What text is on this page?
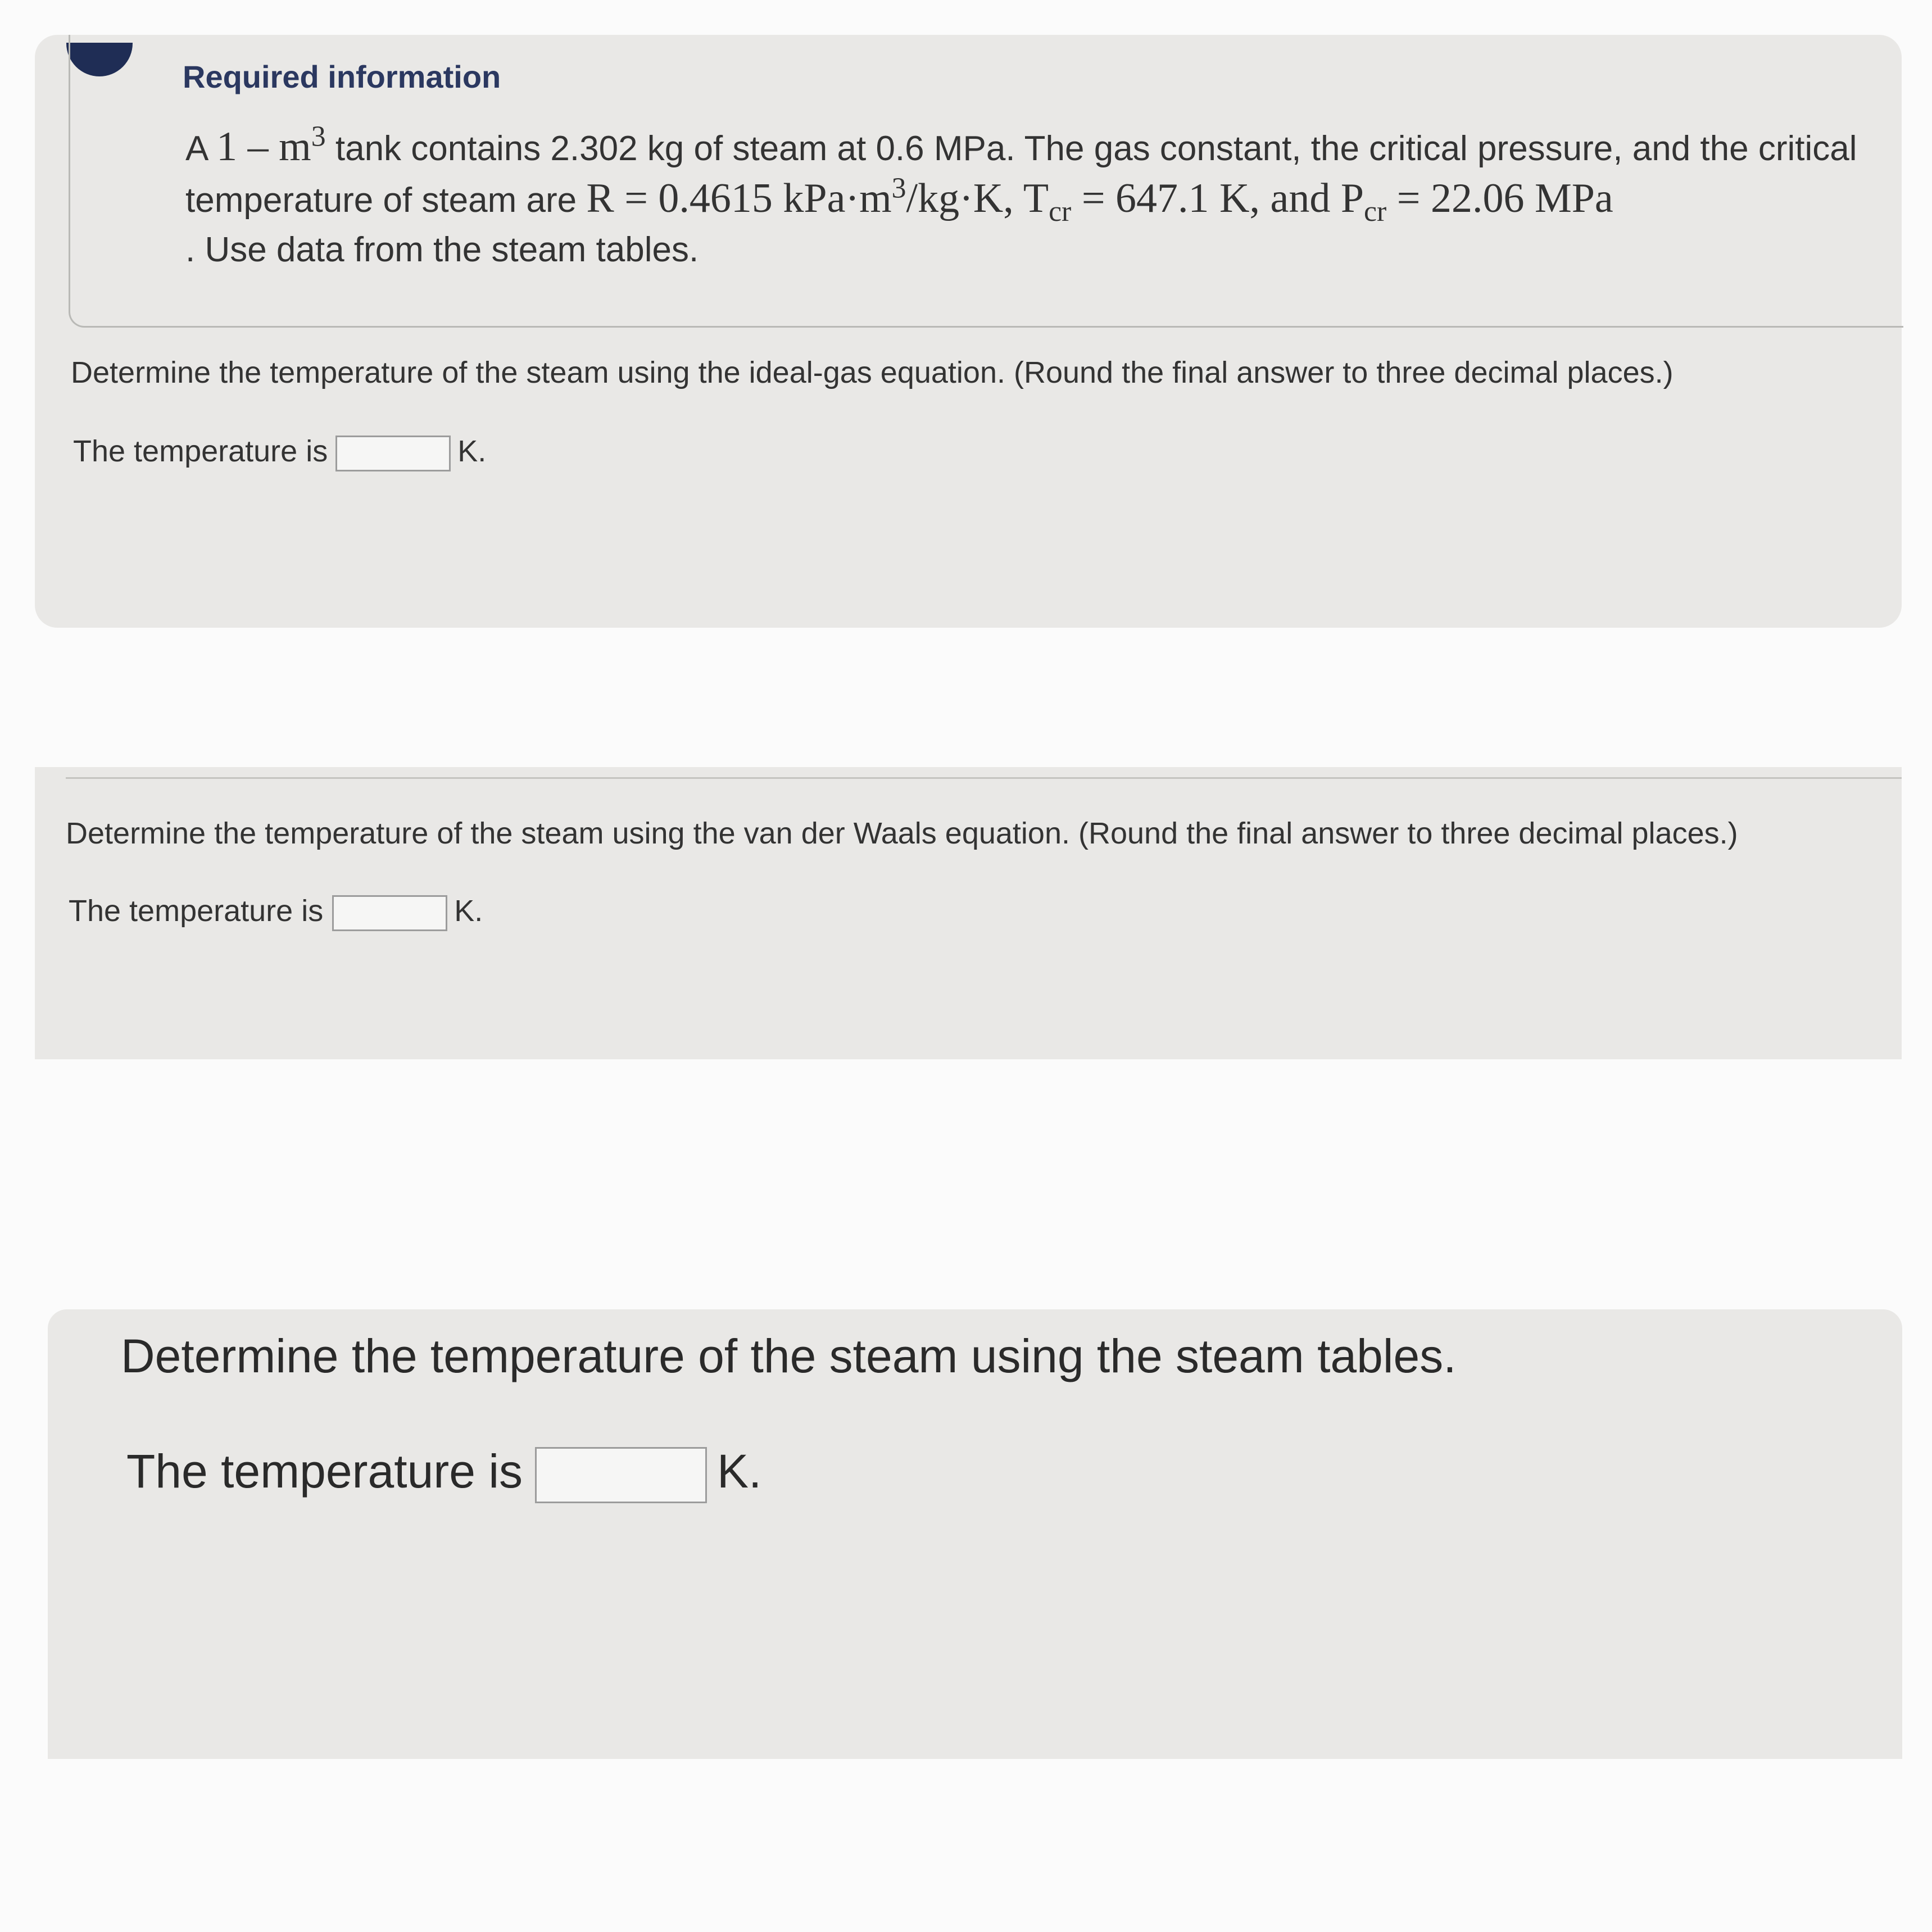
Required information
A $1 - m^3$ tank contains 2.302 kg of steam at 0.6 MPa. The gas constant, the critical pressure, and the critical temperature of steam are R = 0.4615 $kPa\cdot m^3/kg\cdot K$, $T_{cr} = 647.1$ K, and $P_{cr} = 22.06$ MPa
. Use data from the steam tables.
Determine the temperature of the steam using the ideal-gas equation. (Round the final answer to three decimal places.)
The temperature is	K.
Determine the temperature of the steam using the van der Waals equation. (Round the final answer to three decimal places.)
The temperature is	K.
Determine the temperature of the steam using the steam tables.
The temperature is	K.
